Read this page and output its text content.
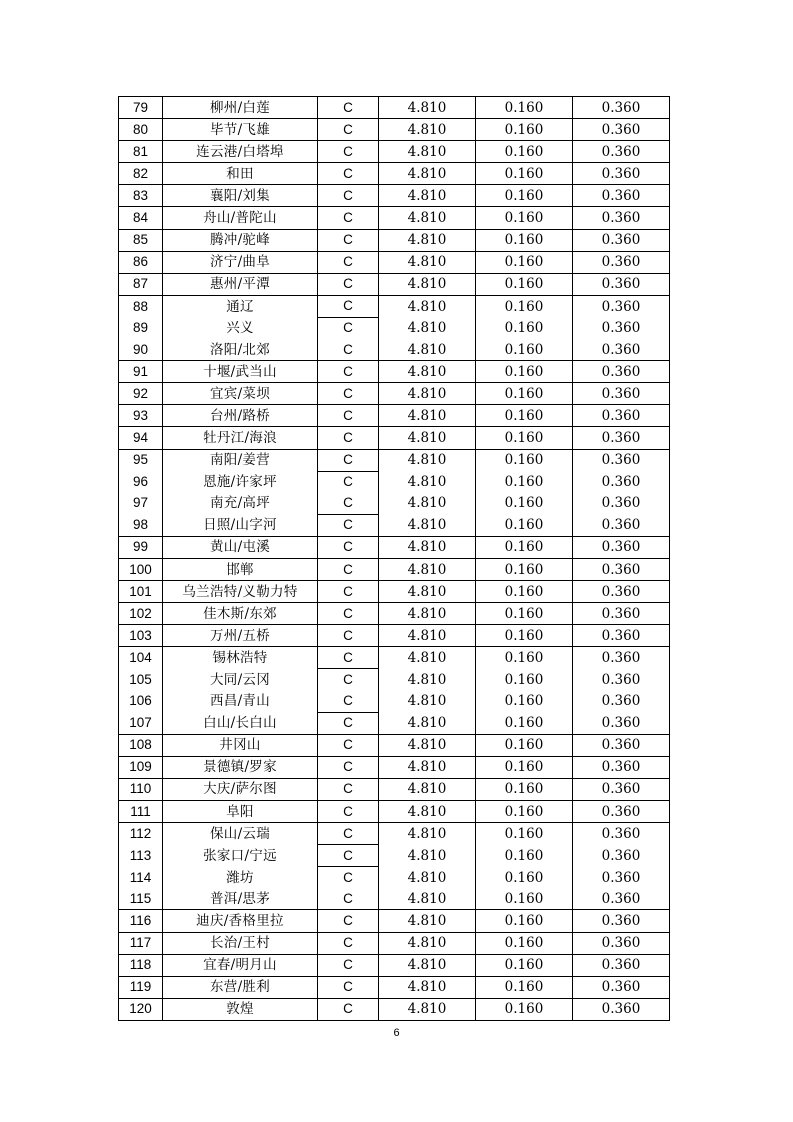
79	柳州/白莲	C	4.810	0.160	0.360
80	毕节/飞雄	C	4.810	0.160	0.360
81	连云港/白塔埠	C	4.810	0.160	0.360
82	和田	C	4.810	0.160	0.360
83	襄阳/刘集	C	4.810	0.160	0.360
84	舟山/普陀山	C	4.810	0.160	0.360
85	腾冲/驼峰	C	4.810	0.160	0.360
86	济宁/曲阜	C	4.810	0.160	0.360
87	惠州/平潭	C	4.810	0.160	0.360
88	通辽	C	4.810	0.160	0.360
89	兴义	C	4.810	0.160	0.360
90	洛阳/北郊	C	4.810	0.160	0.360
91	十堰/武当山	C	4.810	0.160	0.360
92	宜宾/菜坝	C	4.810	0.160	0.360
93	台州/路桥	C	4.810	0.160	0.360
94	牡丹江/海浪	C	4.810	0.160	0.360
95	南阳/姜营	C	4.810	0.160	0.360
96	恩施/许家坪	C	4.810	0.160	0.360
97	南充/高坪	C	4.810	0.160	0.360
98	日照/山字河	C	4.810	0.160	0.360
99	黄山/屯溪	C	4.810	0.160	0.360
100	邯郸	C	4.810	0.160	0.360
101	乌兰浩特/义勒力特	C	4.810	0.160	0.360
102	佳木斯/东郊	C	4.810	0.160	0.360
103	万州/五桥	C	4.810	0.160	0.360
104	锡林浩特	C	4.810	0.160	0.360
105	大同/云冈	C	4.810	0.160	0.360
106	西昌/青山	C	4.810	0.160	0.360
107	白山/长白山	C	4.810	0.160	0.360
108	井冈山	C	4.810	0.160	0.360
109	景德镇/罗家	C	4.810	0.160	0.360
110	大庆/萨尔图	C	4.810	0.160	0.360
111	阜阳	C	4.810	0.160	0.360
112	保山/云瑞	C	4.810	0.160	0.360
113	张家口/宁远	C	4.810	0.160	0.360
114	潍坊	C	4.810	0.160	0.360
115	普洱/思茅	C	4.810	0.160	0.360
116	迪庆/香格里拉	C	4.810	0.160	0.360
117	长治/王村	C	4.810	0.160	0.360
118	宜春/明月山	C	4.810	0.160	0.360
119	东营/胜利	C	4.810	0.160	0.360
120	敦煌	C	4.810	0.160	0.360
6
